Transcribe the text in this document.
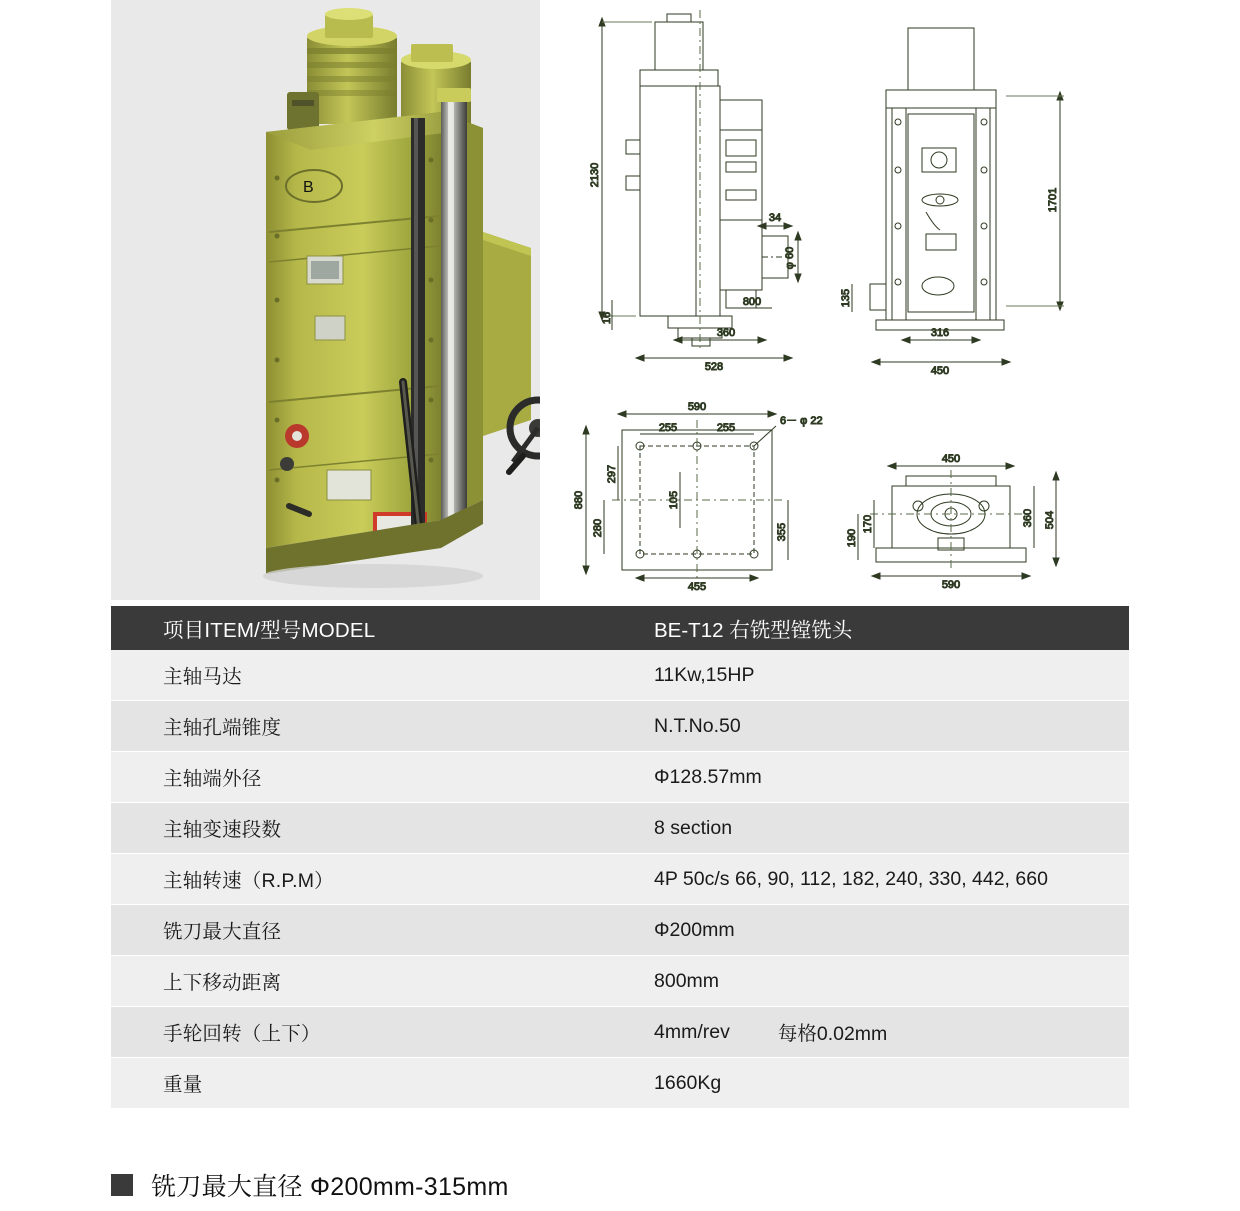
B
2130
34
φ 60
16
800
360
528
1701
135
316
450
6－ φ 22
590
255	255
880
297
280
105
355
455
450
504
360
190
170
590
项目ITEM/型号MODEL	BE-T12 右铣型镗铣头
主轴马达	11Kw,15HP
主轴孔端锥度	N.T.No.50
主轴端外径	Φ128.57mm
主轴变速段数	8 section
主轴转速（R.P.M）	4P 50c/s 66, 90, 112, 182, 240, 330, 442, 660
铣刀最大直径	Φ200mm
上下移动距离	800mm
手轮回转（上下）	4mm/rev 每格0.02mm
重量	1660Kg
铣刀最大直径 Φ200mm-315mm
